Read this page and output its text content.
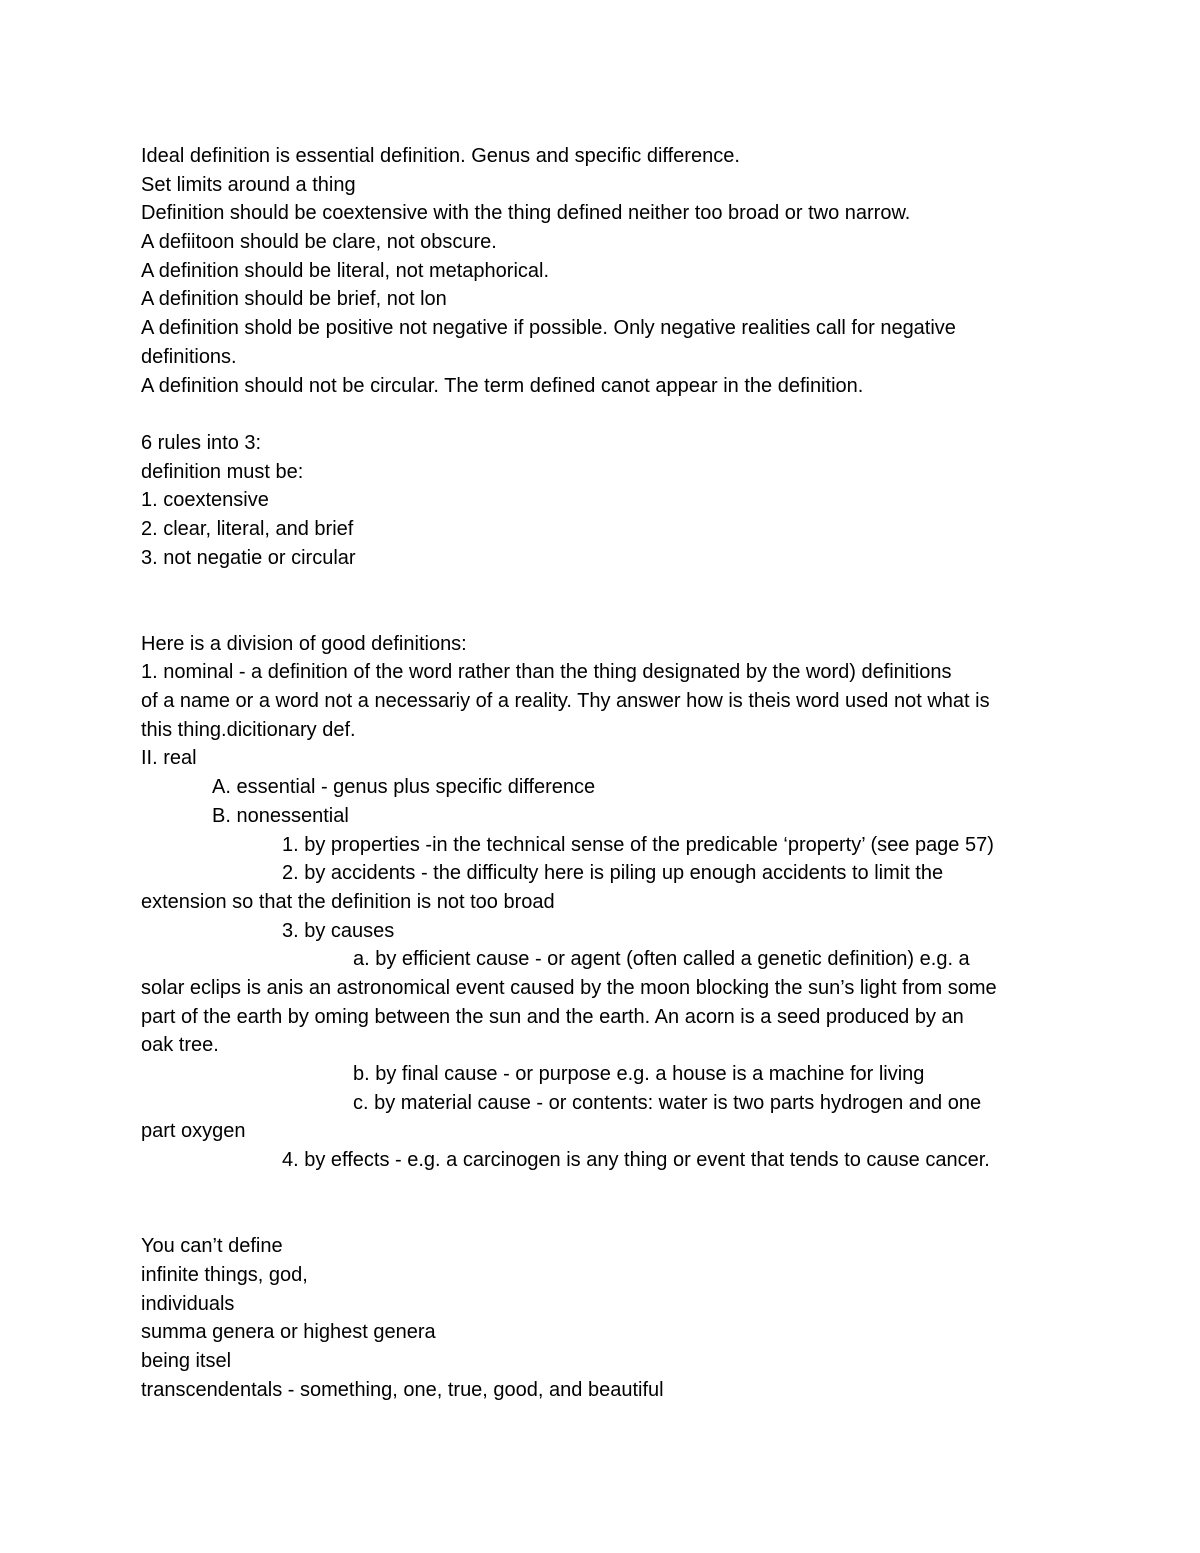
Ideal definition is essential definition. Genus and specific difference.
Set limits around a thing
Definition should be coextensive with the thing defined neither too broad or two narrow.
A defiitoon should be clare, not obscure.
A definition should be literal, not metaphorical.
A definition should be brief, not lon
A definition shold be positive not negative if possible. Only negative realities call for negative
definitions.
A definition should not be circular. The term defined canot appear in the definition.
6 rules into 3:
definition must be:
1. coextensive
2. clear, literal, and brief
3. not negatie or circular
Here is a division of good definitions:
1. nominal - a definition of the word rather than the thing designated by the word) definitions
of a name or a word not a necessariy of a reality. Thy answer how is theis word used not what is
this thing.dicitionary def.
II. real
A. essential - genus plus specific difference
B. nonessential
1. by properties -in the technical sense of the predicable ‘property’ (see page 57)
2. by accidents - the difficulty here is piling up enough accidents to limit the
extension so that the definition is not too broad
3. by causes
a. by efficient cause - or agent (often called a genetic definition) e.g. a
solar eclips is anis an astronomical event caused by the moon blocking the sun’s light from some
part of the earth by oming between the sun and the earth. An acorn is a seed produced by an
oak tree.
b. by final cause - or purpose e.g. a house is a machine for living
c. by material cause - or contents: water is two parts hydrogen and one
part oxygen
4. by effects - e.g. a carcinogen is any thing or event that tends to cause cancer.
You can’t define
infinite things, god,
individuals
summa genera or highest genera
being itsel
transcendentals - something, one, true, good, and beautiful
